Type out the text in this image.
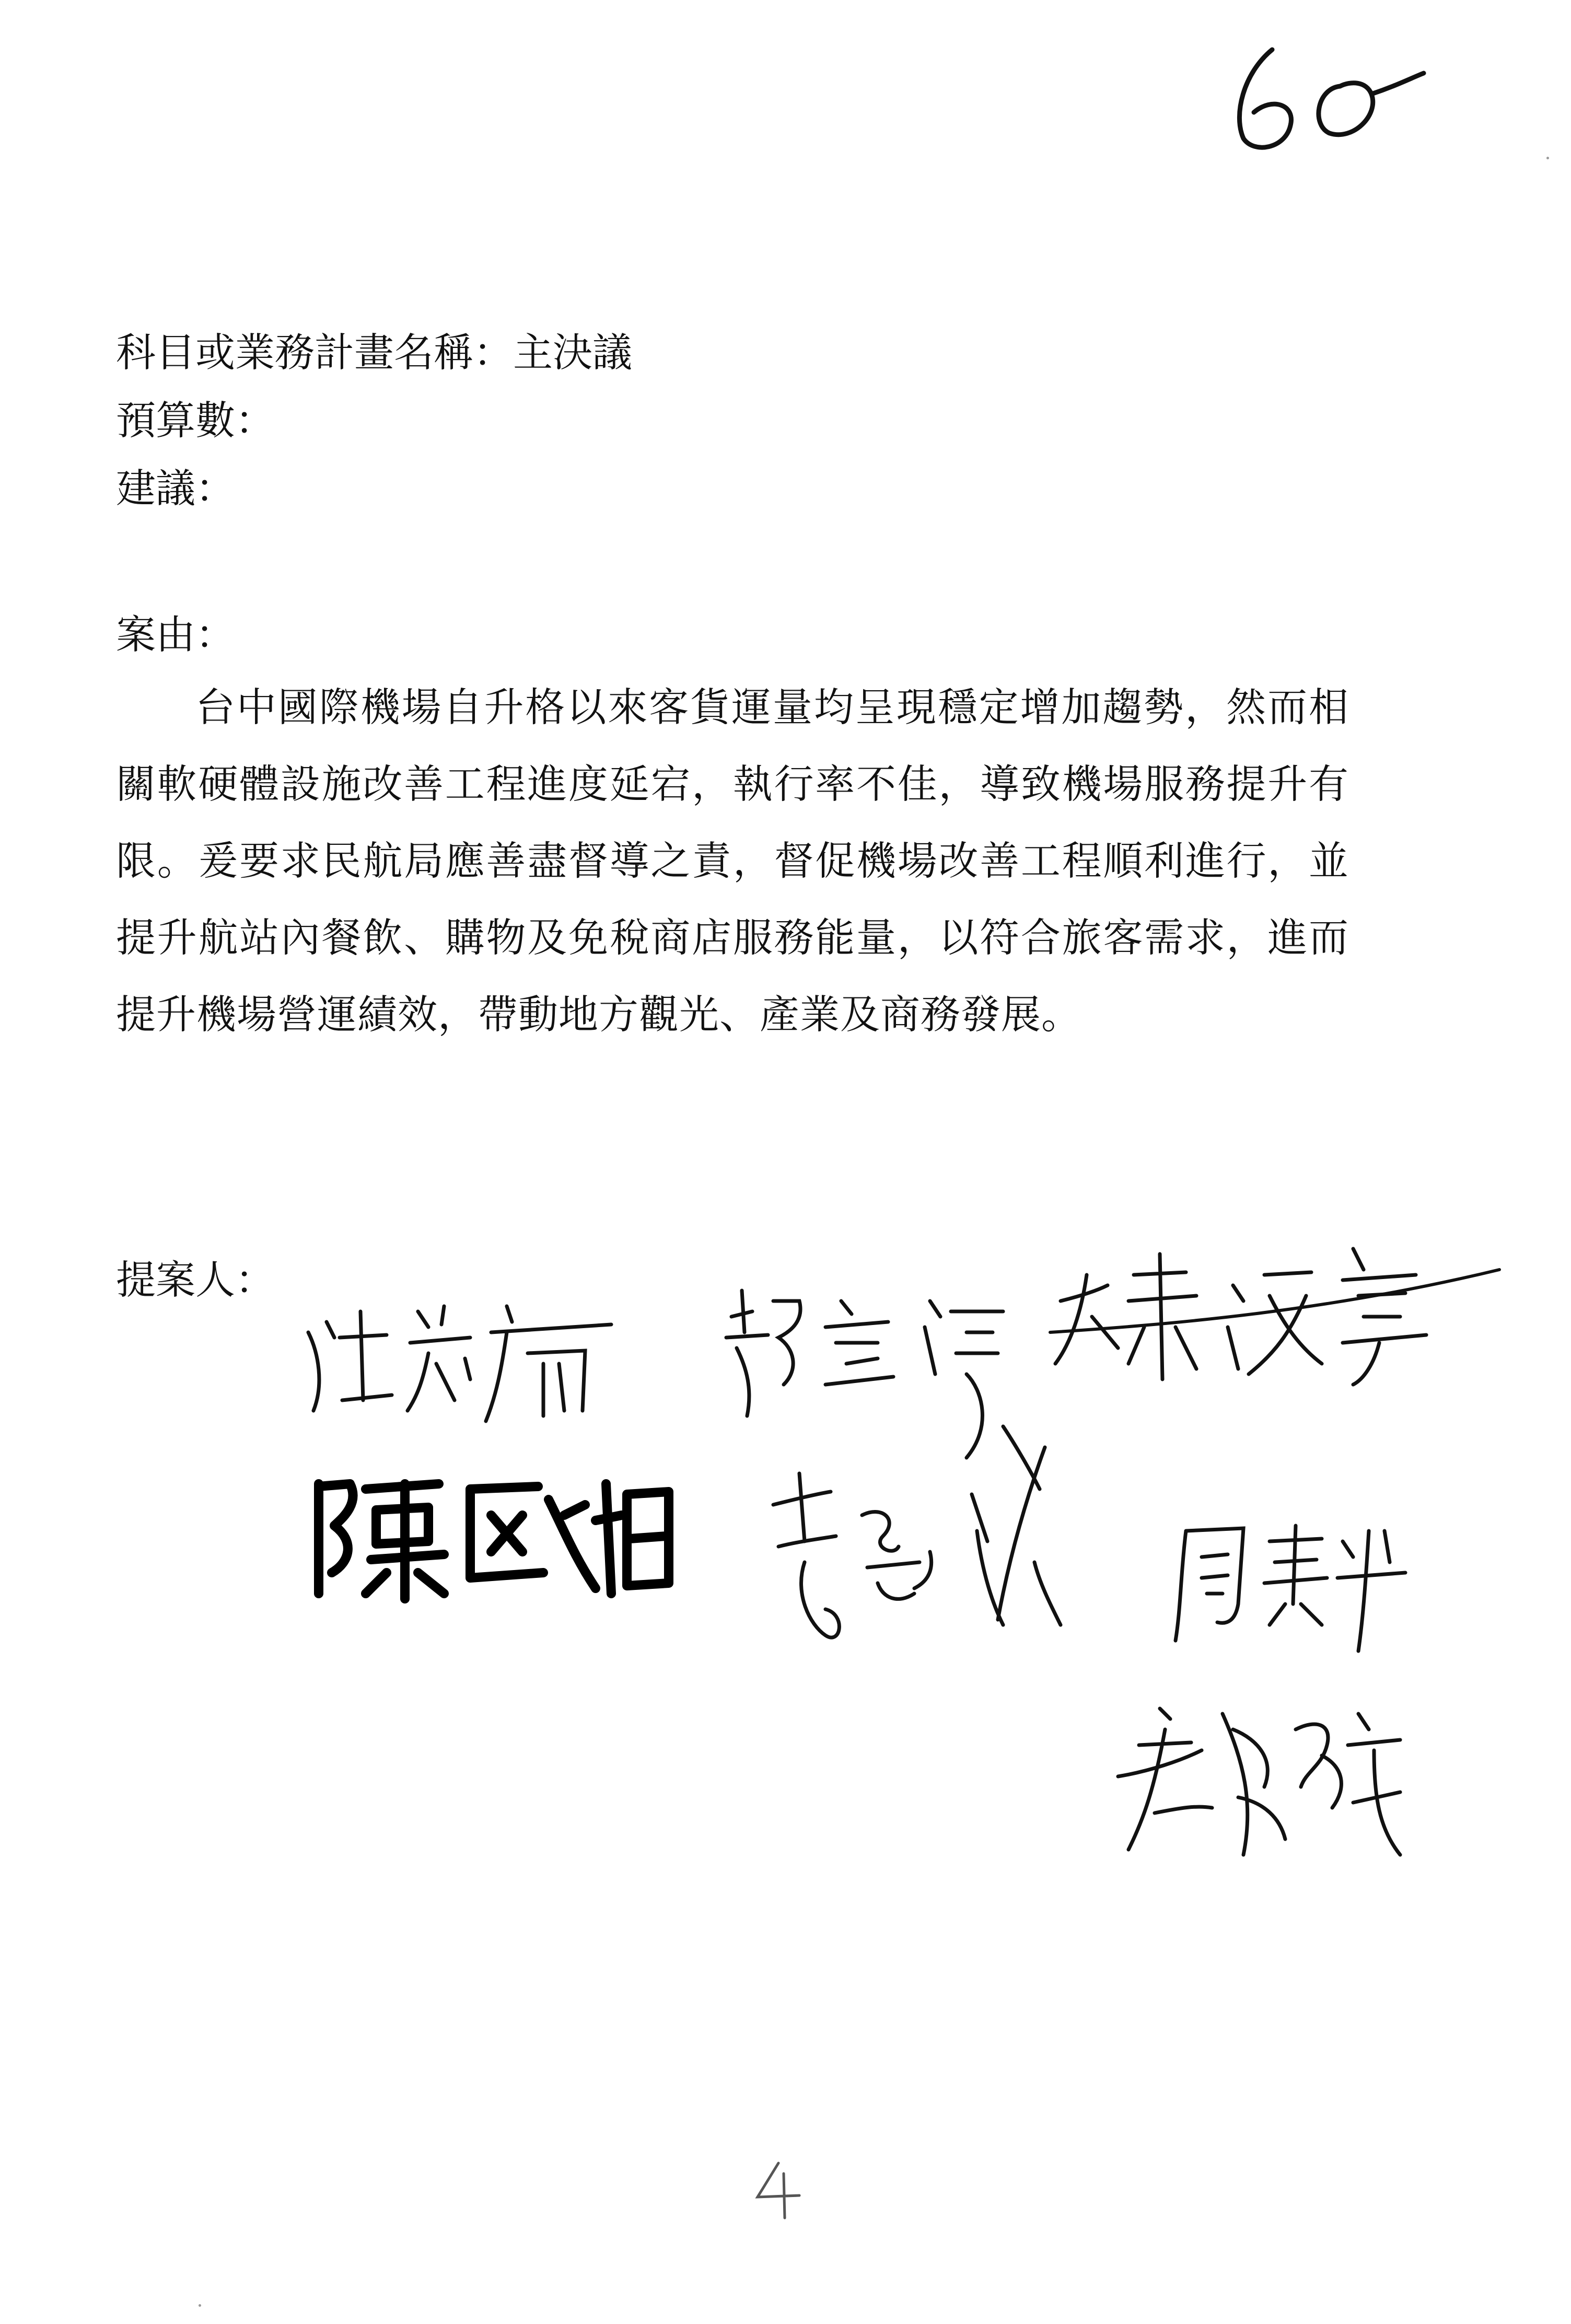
科目或業務計畫名稱：主決議
預算數：
建議：
案由：
台中國際機場自升格以來客貨運量均呈現穩定增加趨勢，然而相關軟硬體設施改善工程進度延宕，執行率不佳，導致機場服務提升有限。爰要求民航局應善盡督導之責，督促機場改善工程順利進行，並提升航站內餐飲、購物及免稅商店服務能量，以符合旅客需求，進而提升機場營運績效，帶動地方觀光、產業及商務發展。
提案人：
